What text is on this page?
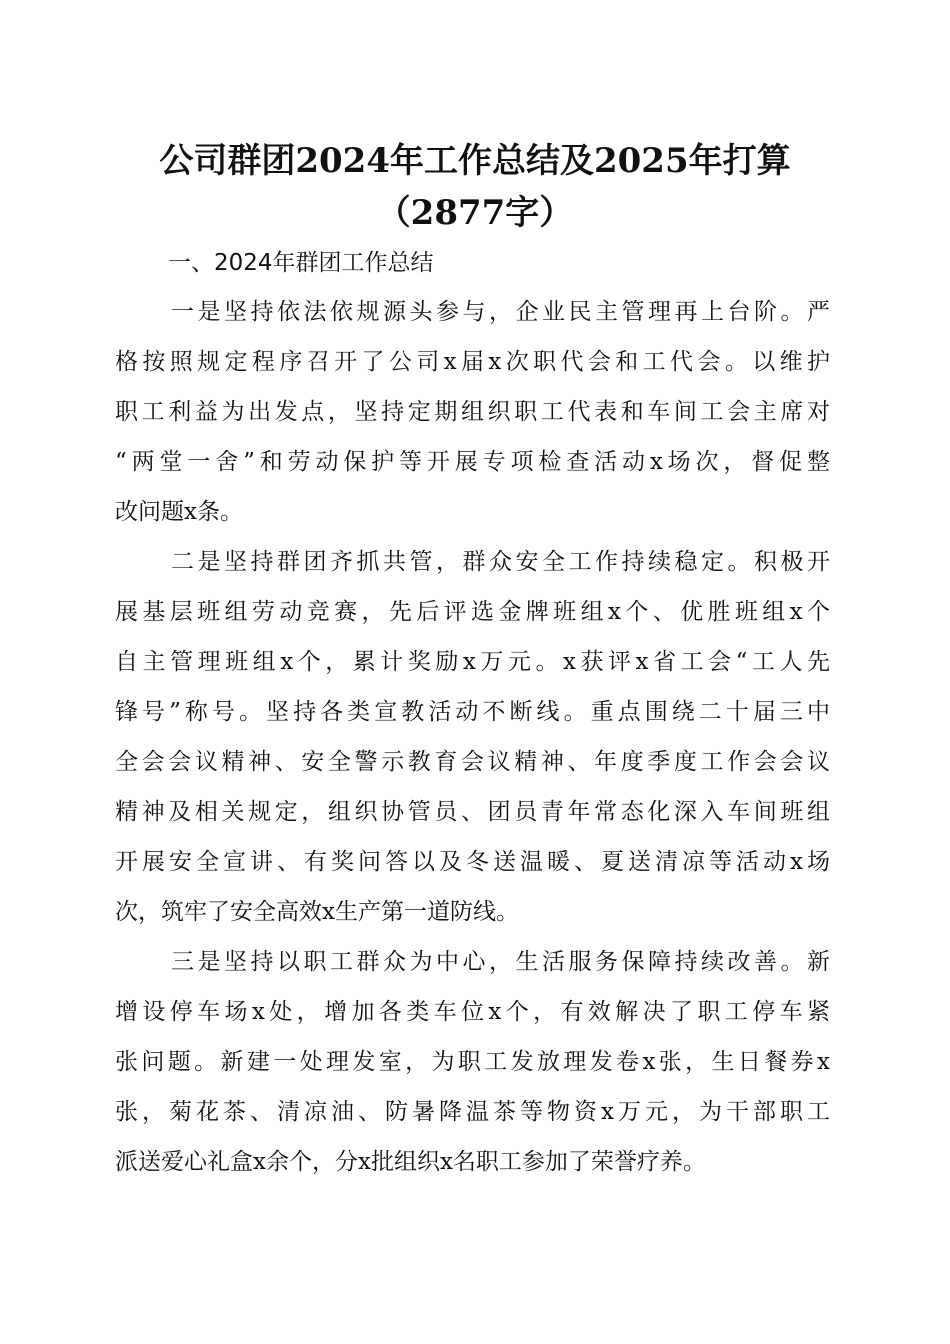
公司群团2024年工作总结及2025年打算
（2877字）
一、2024年群团工作总结
一是坚持依法依规源头参与，企业民主管理再上台阶。严
格按照规定程序召开了公司x届x次职代会和工代会。以维护
职工利益为出发点，坚持定期组织职工代表和车间工会主席对
“两堂一舍”和劳动保护等开展专项检查活动x场次，督促整
改问题x条。
二是坚持群团齐抓共管，群众安全工作持续稳定。积极开
展基层班组劳动竞赛，先后评选金牌班组x个、优胜班组x个
自主管理班组x个，累计奖励x万元。x获评x省工会“工人先
锋号”称号。坚持各类宣教活动不断线。重点围绕二十届三中
全会会议精神、安全警示教育会议精神、年度季度工作会会议
精神及相关规定，组织协管员、团员青年常态化深入车间班组
开展安全宣讲、有奖问答以及冬送温暖、夏送清凉等活动x场
次，筑牢了安全高效x生产第一道防线。
三是坚持以职工群众为中心，生活服务保障持续改善。新
增设停车场x处，增加各类车位x个，有效解决了职工停车紧
张问题。新建一处理发室，为职工发放理发卷x张，生日餐券x
张，菊花茶、清凉油、防暑降温茶等物资x万元，为干部职工
派送爱心礼盒x余个，分x批组织x名职工参加了荣誉疗养。
